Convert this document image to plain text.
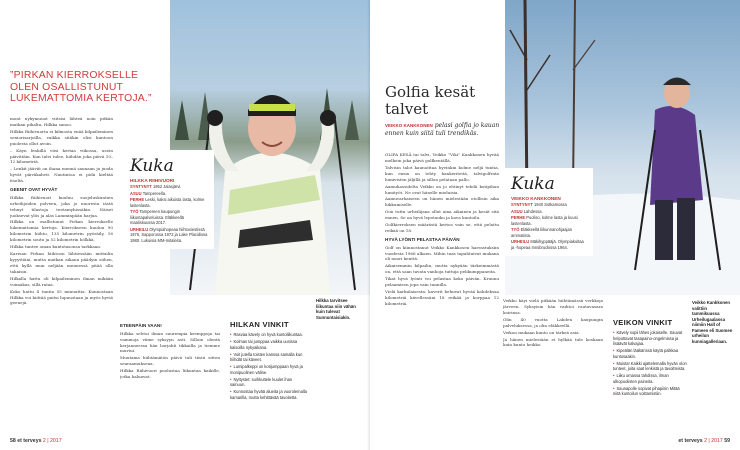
”PIRKAN KIERROKSELLE OLEN OSALLISTUNUT LUKEMATTOMIA KERTOJA.”
Kuka
HILKKA RIIHIVUORI
SYNTYNYT 1952 Jalasjärvi.
ASUU Tampereella.
PERHE Leski, kaksi aikuista lasta, kolme lastenlasta.
TYÖ Tampereen kaupungin liikuntapalveluissa. Eläkkeellä maaliskuussa 2017.
URHEILU Olympiahopeaa hiihtoviestissä 1976, Sapporossa 1972 ja Lake Placidissa 1980. Lukuisia MM-mitaleita.

mont nykymuuot viitsisi lähteä noin pitkän matkan pihalta, Hilkka sanoo.

Hilkka Riihivuorta ei kilmosta enää kilpaileminen seniorisarjoilla, vaikka sitäkin olisi kuntoon puolesta ollut avoin.

– Käyn lenkillä viisi kertaa viikossa, usein päivittäin. Kun talvi tulee, hiihdän joka päivä 10–12 kilometriä.

– Lenkit jäävät on ihana mennä saunaan ja juoda hyvät päiväkahvit. Nautintoa ei pidä kieltää itseltä.

GEENIT OVAT HYVÄT

Hilkka Riihivuori kuuluu suojeluskuntien urheilijoiden polveen, joka jo nuoresta iästä tehnyt tilastoja teräsmyhissäkin. Näiset juoksevat ylös ja alas Lamminpään harjua.

Hilkka on osallistunut Pirkan kierrokselle lukemattomia kertoja. Kierrokseen kuuluu 90 kilometrin hiihto, 135 kilometrin pyöräily, 16 kilometrin soutu ja 52 kilometrin hölkkä.

Hilkka tuntee oman kuntotasonsa tarkkaan.

Karrsan Pirkan hiihtoon lähtiessään mittailin kyyyttiäni, mutta matkan aikana päädyin siihen, että kyllä mun neljään mennessä pitää olla takaisin.

Hilkalla hattu oli kilpaileminen ilman mikään voimakas, sillä rataa.

Koko hattu 4 tuntia 55 minuuttia. Kunnostaan Hilkka voi kiittää paitsi lupuustaan ja myös hyviä geenejä.

ETEENPÄIN VAAN!

Hilkka selvisi ilman suurempia kremppoja tai vammoja viime syksyyn asti. Silloin olentä kerjanneessa hän horjahti tikkailla ja tiemme murtui.

Muutama hiihtämätön päivä tuli tästä sitten seuraamuksena.

Hilkka Riihivuori puolustaa liikuntaa kaikille, jotka haluavat.

HILKAN VINKIT
• Rasvaa kävely on hyvä kuntoliikuntaa.
• Kolmas tai jumppaa vaikka uusissa kaisoilla nykyaikana.
• Voit jutella toisten kanssa samalla kun hiihdät tai käveet.
• Lumipalkeppi on kotijumppaan hyvä ja monipuolinen väline.
• Nyttystet: suihkuttele kuulet ihan sainuun.
• Kunnostaa hyvää alueita ja vuorolemalla kamarilla, mutta kehittävää tavoitetta.
Hilkka tarvitsee liikuntaa niin vähän kuin tulevat Sunnuntaisiakin.
58 et terveys 2 | 2017
Golfia kesät talvet
VEIKKO KANKKONEN pelasi golfia jo kauan ennen kuin siitä tuli trendikäs.

OLIPA KESÄ tai talvi, Veikko ”Viki” Kankkonen hyvää melkein joka päivä golfkentällä.

Talvisin talot kaunoittaa hyvinkin kolme neljä tuntia, kun ensin on tehty hankeriteitä, talvigolfrata lumivisten jäljillä ja sillon pelataan pallo.

Aamuhassidelta Veikko on jo ehtinyt tehdä kotipihan lumityöt. Ne ovat hänelle mieluisia.

Aamuvarhaiseen on hänen mielestään otollisin aika liikkumiselle.

Oon tuttu urheilijana ollut aina aikainen ja kesät sitä ennen. Se on hyvä lepotauko ja kova kuntoilu.

Golfkierroksen määrästä kertoo vain se, että pelattu reikää on 18.

HYVÄ LYÖNTI PELASTAA PÄIVÄN

Golf on kiinnostanut Veikko Kankkosen harrastuksiin vuodesta 1966 alkaen. Mihin taas tapahtuivat mukana oli nuori kenttä.

Aikaisemmin kilpailin, mutta nykyään tärkeimmästä on, että saan tavata vanhoja tuttuja pelikumppaneita.

Tikat hyvä lyönti voi pelastaa koko päivän. Kruunu pelaamisen jopa vain tunnilla.

Vielä karkulaisesta: kaverit kehuvat hyvää kahdeksaa kilometriä kävellessäni 18 reikää ja korppaa 12 kilometriä.

Kuka
VEIKKO KANKKONEN
SYNTYNYT 1940 Sotkamossa
ASUU Lahdessa.
PERHE Puoliso, kolme lasta ja kuusi lastenlasta.
TYÖ Eläkkeellä liikunnanohjaajan ammatista.
URHEILU Mäkihyppääjä. Olympiakultaa ja -hopeaa Innsbruckissa 1964.

Veikko käyi vielä pitkään hiihtämässä verkkoja järveen. Syksyisin hän vaihtoi rautavasara koirinsa.

Olin 40 vuotta Lahden kaupungin palveluksessa, ja olin eläkkeellä.

Veikon mukaan kunto on tärkeä asia.

Ja hänen mielestään ei hylkää tule koskaan kuin kunto heikko.

VEIKON VINKIT
• Kävely sopii lähes jokaiselle. Sauvat helpottavat tasapaino-ongelmissa ja lisäävät kalvajaa.
• Kipeälän lääkärissä käytä palkkaa kuntosaakin.
• Muista! Kaikki ajattelemalla hyvän olon tunteet, joita saat lenkistä ja tavoitteista.
• Liiku omassa tahdissa, ilman ulkopuolisten paineita.
• Saunapolle sopivat pihapiirin Mitää niitä kuntoilun voittamistiin.
Veikko Kankkonen valittiin tammikuussa Urheilugaalassa niimiin Hall of Fameen eli Suomen urheilun kunniagalleriaan.
et terveys 2 | 2017 59
